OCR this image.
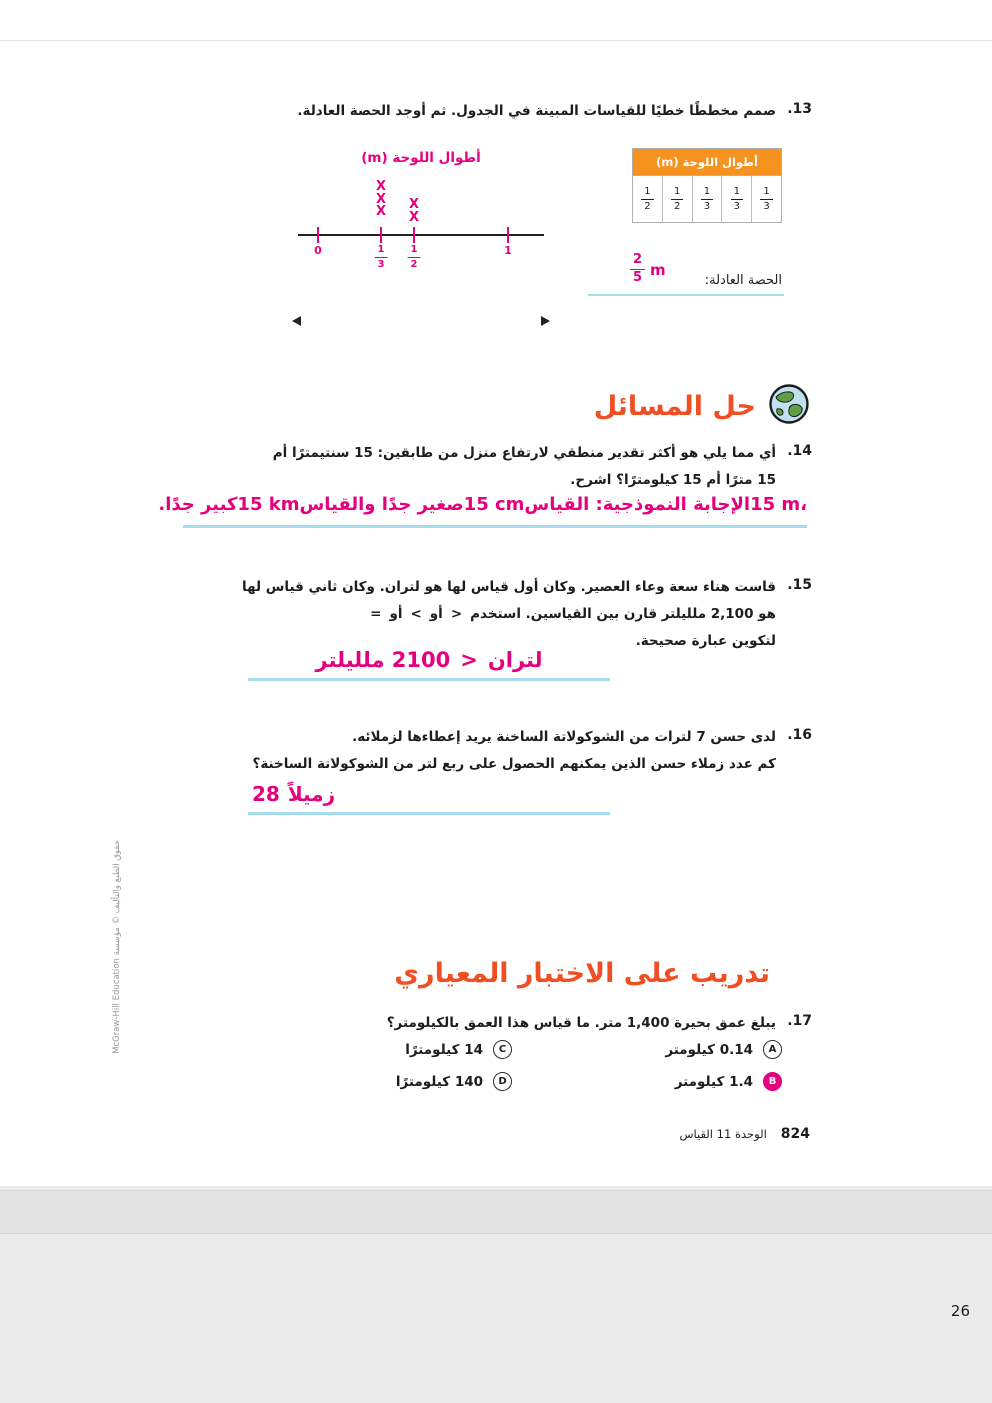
13.
صمم مخططًا خطيًا للقياسات المبينة في الجدول. ثم أوجد الحصة العادلة.
أطوال اللوحة (m)
X
X
X X
X
0	$\frac{1}{3} \frac{1}{2}$	1
أطوال اللوحة (m)
$\frac{1}{2} \frac{1}{2} \frac{1}{3} \frac{1}{3} \frac{1}{3}$
$\frac{2}{5}$ m
الحصة العادلة:
حل المسائل
14.
أي مما يلي هو أكثر تقدير منطقي لارتفاع منزل من طابقين: 15 سنتيمترًا أم
15 مترًا أم 15 كيلومترًا؟ اشرح.
15 m،
الإجابة النموذجية: القياس
15 cm
صغير جدًا والقياس
15 km
كبير جدًا.
15.
قاست هناء سعة وعاء العصير. وكان أول قياس لها هو لتران. وكان ثاني قياس لها
هو 2,100 ملليلتر قارن بين القياسين. استخدم
>
أو
<
أو
=
لتكوين عبارة صحيحة.
لتران
>
2100 ملليلتر
16.
لدى حسن 7 لترات من الشوكولاتة الساخنة يريد إعطاءها لزملائه.
كم عدد زملاء حسن الذين يمكنهم الحصول على ربع لتر من الشوكولاتة الساخنة؟
28 زميلاً
حقوق الطبع والتأليف © مؤسسة McGraw-Hill Education
تدريب على الاختبار المعياري
17.
يبلغ عمق بحيرة 1,400 متر. ما قياس هذا العمق بالكيلومتر؟
A
0.14 كيلومتر
B
1.4 كيلومتر
C
14 كيلومترًا
D
140 كيلومترًا
824
الوحدة 11 القياس
26
